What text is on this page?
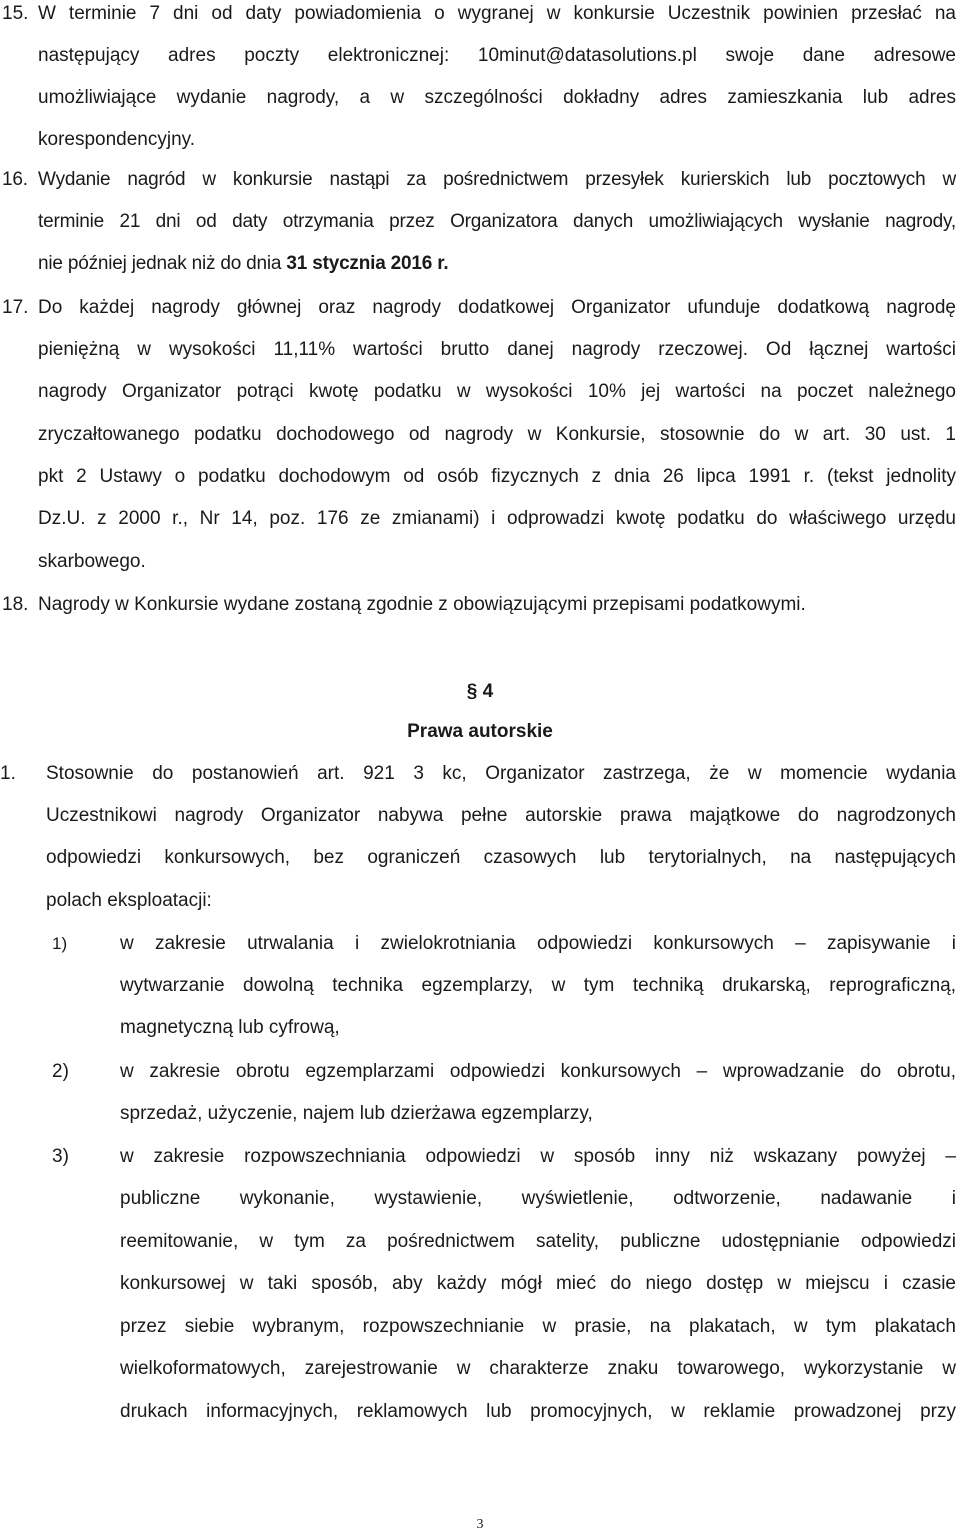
15. W terminie 7 dni od daty powiadomienia o wygranej w konkursie Uczestnik powinien przesłać na
następujący adres poczty elektronicznej: 10minut@datasolutions.pl swoje dane adresowe
umożliwiające wydanie nagrody, a w szczególności dokładny adres zamieszkania lub adres
korespondencyjny.
16. Wydanie nagród w konkursie nastąpi za pośrednictwem przesyłek kurierskich lub pocztowych w
terminie 21 dni od daty otrzymania przez Organizatora danych umożliwiających wysłanie nagrody,
nie później jednak niż do dnia 31 stycznia 2016 r.
17. Do każdej nagrody głównej oraz nagrody dodatkowej Organizator ufunduje dodatkową nagrodę
pieniężną w wysokości 11,11% wartości brutto danej nagrody rzeczowej. Od łącznej wartości
nagrody Organizator potrąci kwotę podatku w wysokości 10% jej wartości na poczet należnego
zryczałtowanego podatku dochodowego od nagrody w Konkursie, stosownie do w art. 30 ust. 1
pkt 2 Ustawy o podatku dochodowym od osób fizycznych z dnia 26 lipca 1991 r. (tekst jednolity
Dz.U. z 2000 r., Nr 14, poz. 176 ze zmianami) i odprowadzi kwotę podatku do właściwego urzędu
skarbowego.
18. Nagrody w Konkursie wydane zostaną zgodnie z obowiązującymi przepisami podatkowymi.
§ 4
Prawa autorskie
1. Stosownie do postanowień art. 921 3 kc, Organizator zastrzega, że w momencie wydania
Uczestnikowi nagrody Organizator nabywa pełne autorskie prawa majątkowe do nagrodzonych
odpowiedzi konkursowych, bez ograniczeń czasowych lub terytorialnych, na następujących
polach eksploatacji:
1)	w zakresie utrwalania i zwielokrotniania odpowiedzi konkursowych – zapisywanie i
wytwarzanie dowolną technika egzemplarzy, w tym techniką drukarską, reprograficzną,
magnetyczną lub cyfrową,
2)	w zakresie obrotu egzemplarzami odpowiedzi konkursowych – wprowadzanie do obrotu,
sprzedaż, użyczenie, najem lub dzierżawa egzemplarzy,
3)	w zakresie rozpowszechniania odpowiedzi w sposób inny niż wskazany powyżej –
publiczne wykonanie, wystawienie, wyświetlenie, odtworzenie, nadawanie i
reemitowanie, w tym za pośrednictwem satelity, publiczne udostępnianie odpowiedzi
konkursowej w taki sposób, aby każdy mógł mieć do niego dostęp w miejscu i czasie
przez siebie wybranym, rozpowszechnianie w prasie, na plakatach, w tym plakatach
wielkoformatowych, zarejestrowanie w charakterze znaku towarowego, wykorzystanie w
drukach informacyjnych, reklamowych lub promocyjnych, w reklamie prowadzonej przy
3
